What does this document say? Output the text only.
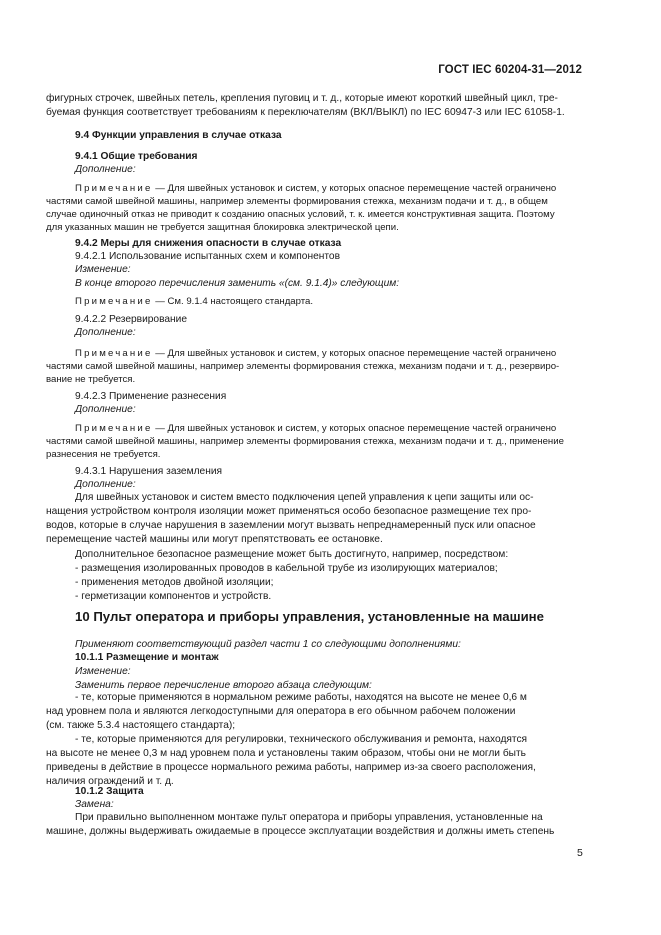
ГОСТ IEC 60204-31—2012
фигурных строчек, швейных петель, крепления пуговиц и т. д., которые имеют короткий швейный цикл, тре-
буемая функция соответствует требованиям к переключателям (ВКЛ/ВЫКЛ) по IEC 60947-3 или IEC 61058-1.
9.4 Функции управления в случае отказа
9.4.1 Общие требования
Дополнение:
Примечание — Для швейных установок и систем, у которых опасное перемещение частей ограничено
частями самой швейной машины, например элементы формирования стежка, механизм подачи и т. д., в общем
случае одиночный отказ не приводит к созданию опасных условий, т. к. имеется конструктивная защита. Поэтому
для указанных машин не требуется защитная блокировка электрической цепи.
9.4.2 Меры для снижения опасности в случае отказа
9.4.2.1 Использование испытанных схем и компонентов
Изменение:
В конце второго перечисления заменить «(см. 9.1.4)» следующим:
Примечание — См. 9.1.4 настоящего стандарта.
9.4.2.2 Резервирование
Дополнение:
Примечание — Для швейных установок и систем, у которых опасное перемещение частей ограничено
частями самой швейной машины, например элементы формирования стежка, механизм подачи и т. д., резервиро-
вание не требуется.
9.4.2.3 Применение разнесения
Дополнение:
Примечание — Для швейных установок и систем, у которых опасное перемещение частей ограничено
частями самой швейной машины, например элементы формирования стежка, механизм подачи и т. д., применение
разнесения не требуется.
9.4.3.1 Нарушения заземления
Дополнение:
Для швейных установок и систем вместо подключения цепей управления к цепи защиты или ос-
нащения устройством контроля изоляции может применяться особо безопасное размещение тех про-
водов, которые в случае нарушения в заземлении могут вызвать непреднамеренный пуск или опасное
перемещение частей машины или могут препятствовать ее остановке.
Дополнительное безопасное размещение может быть достигнуто, например, посредством:
- размещения изолированных проводов в кабельной трубе из изолирующих материалов;
- применения методов двойной изоляции;
- герметизации компонентов и устройств.
10 Пульт оператора и приборы управления, установленные на машине
Применяют соответствующий раздел части 1 со следующими дополнениями:
10.1.1 Размещение и монтаж
Изменение:
Заменить первое перечисление второго абзаца следующим:
- те, которые применяются в нормальном режиме работы, находятся на высоте не менее 0,6 м
над уровнем пола и являются легкодоступными для оператора в его обычном рабочем положении
(см. также 5.3.4 настоящего стандарта);
- те, которые применяются для регулировки, технического обслуживания и ремонта, находятся
на высоте не менее 0,3 м над уровнем пола и установлены таким образом, чтобы они не могли быть
приведены в действие в процессе нормального режима работы, например из-за своего расположения,
наличия ограждений и т. д.
10.1.2 Защита
Замена:
При правильно выполненном монтаже пульт оператора и приборы управления, установленные на
машине, должны выдерживать ожидаемые в процессе эксплуатации воздействия и должны иметь степень
5
